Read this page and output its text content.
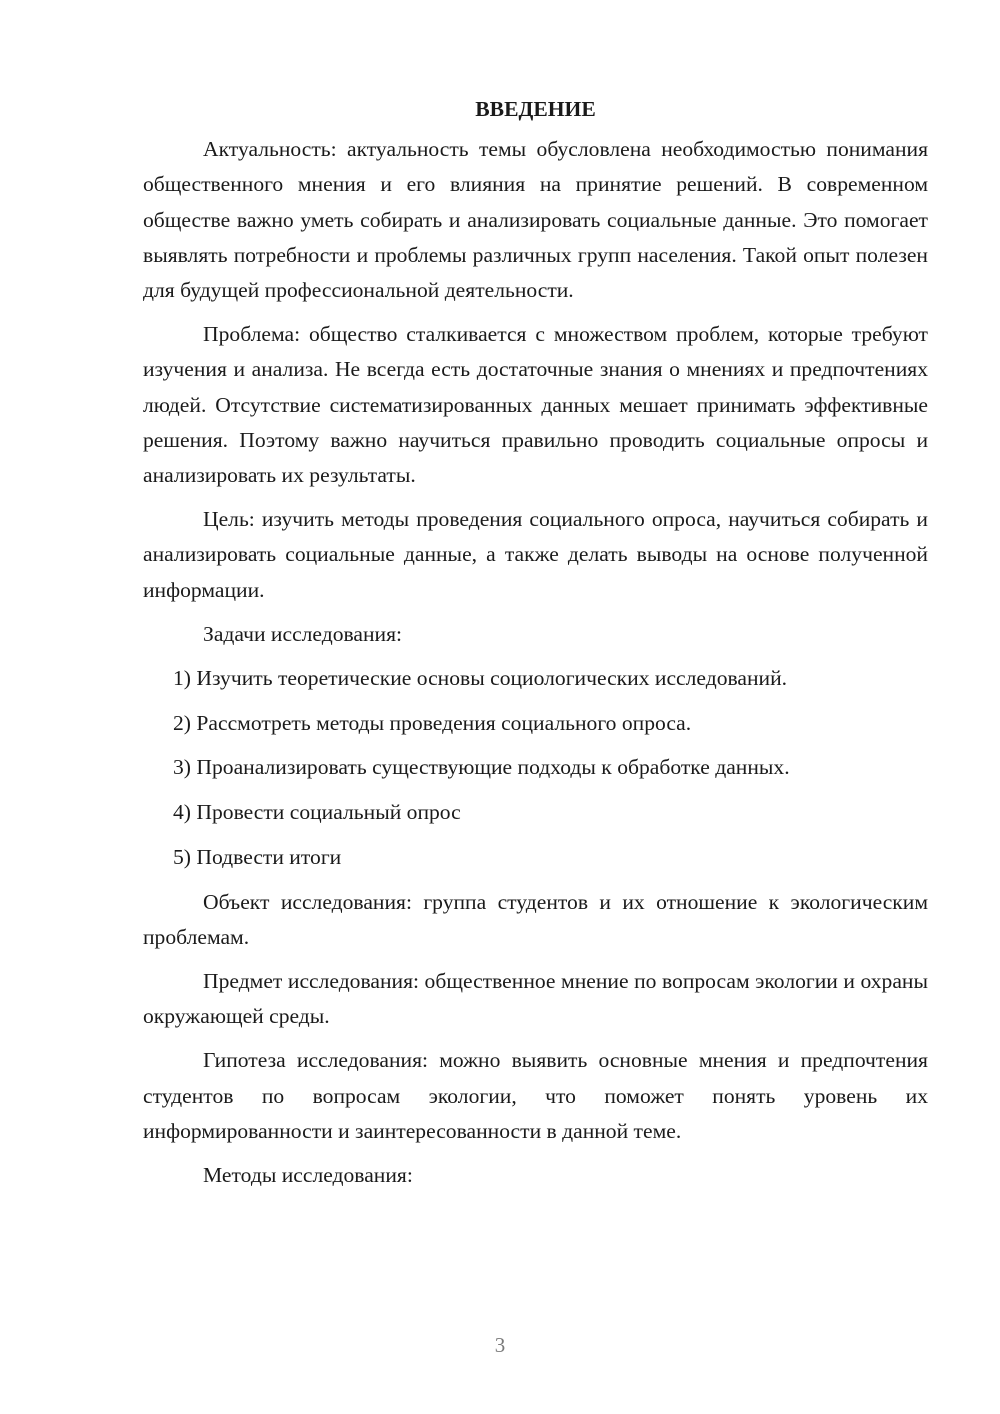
ВВЕДЕНИЕ
Актуальность: актуальность темы обусловлена необходимостью понимания общественного мнения и его влияния на принятие решений. В современном обществе важно уметь собирать и анализировать социальные данные. Это помогает выявлять потребности и проблемы различных групп населения. Такой опыт полезен для будущей профессиональной деятельности.
Проблема: общество сталкивается с множеством проблем, которые требуют изучения и анализа. Не всегда есть достаточные знания о мнениях и предпочтениях людей. Отсутствие систематизированных данных мешает принимать эффективные решения. Поэтому важно научиться правильно проводить социальные опросы и анализировать их результаты.
Цель: изучить методы проведения социального опроса, научиться собирать и анализировать социальные данные, а также делать выводы на основе полученной информации.
Задачи исследования:
1) Изучить теоретические основы социологических исследований.
2) Рассмотреть методы проведения социального опроса.
3) Проанализировать существующие подходы к обработке данных.
4) Провести социальный опрос
5) Подвести итоги
Объект исследования: группа студентов и их отношение к экологическим проблемам.
Предмет исследования: общественное мнение по вопросам экологии и охраны окружающей среды.
Гипотеза исследования: можно выявить основные мнения и предпочтения студентов по вопросам экологии, что поможет понять уровень их информированности и заинтересованности в данной теме.
Методы исследования:
3
